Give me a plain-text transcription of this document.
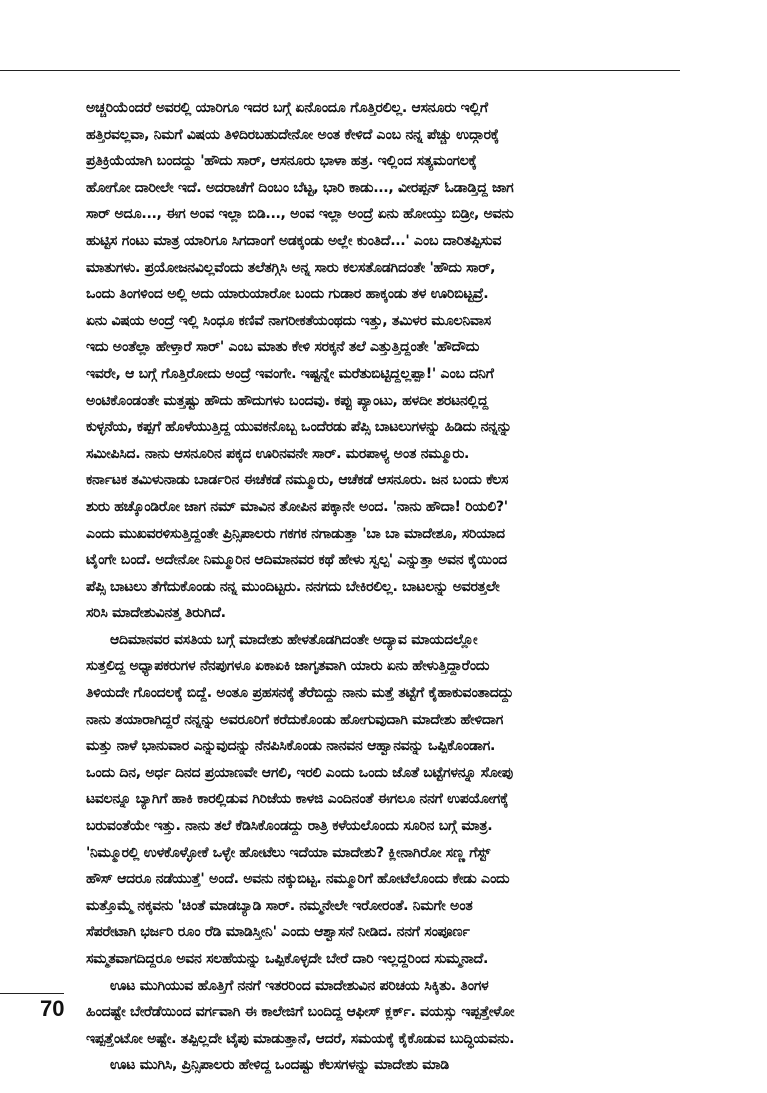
ಅಚ್ಚರಿಯೆಂದರೆ ಅವರಲ್ಲಿ ಯಾರಿಗೂ ಇದರ ಬಗ್ಗೆ ಏನೊಂದೂ ಗೊತ್ತಿರಲಿಲ್ಲ. ಆಸನೂರು ಇಲ್ಲಿಗೆ
ಹತ್ತಿರವಲ್ಲವಾ, ನಿಮಗೆ ವಿಷಯ ತಿಳಿದಿರಬಹುದೇನೋ ಅಂತ ಕೇಳಿದೆ ಎಂಬ ನನ್ನ ಪೆಚ್ಚು ಉದ್ಗಾರಕ್ಕೆ
ಪ್ರತಿಕ್ರಿಯೆಯಾಗಿ ಬಂದದ್ದು 'ಹೌದು ಸಾರ್, ಆಸನೂರು ಭಾಳಾ ಹತ್ರ. ಇಲ್ಲಿಂದ ಸತ್ಯಮಂಗಲಕ್ಕೆ
ಹೋಗೋ ದಾರೀಲೇ ಇದೆ. ಅದರಾಚೆಗೆ ದಿಂಬಂ ಬೆಟ್ಟ, ಭಾರಿ ಕಾಡು..., ವೀರಪ್ಪನ್ ಓಡಾಡ್ತಿದ್ದ ಜಾಗ
ಸಾರ್ ಅದೂ..., ಈಗ ಅಂವ ಇಲ್ಲಾ ಬಿಡಿ..., ಅಂವ ಇಲ್ಲಾ ಅಂದ್ರೆ ಏನು ಹೋಯ್ತು ಬಿಡ್ರೀ, ಅವನು
ಹುಟ್ಟಿಸ ಗಂಟು ಮಾತ್ರ ಯಾರಿಗೂ ಸಿಗದಾಂಗೆ ಅಡಕ್ಕಂಡು ಅಲ್ಲೇ ಕುಂತಿದೆ...' ಎಂಬ ದಾರಿತಪ್ಪಿಸುವ
ಮಾತುಗಳು. ಪ್ರಯೋಜನವಿಲ್ಲವೆಂದು ತಲೆತಗ್ಗಿಸಿ ಅನ್ನ ಸಾರು ಕಲಸತೊಡಗಿದಂತೇ 'ಹೌದು ಸಾರ್,
ಒಂದು ತಿಂಗಳಿಂದ ಅಲ್ಲಿ ಅದು ಯಾರುಯಾರೋ ಬಂದು ಗುಡಾರ ಹಾಕ್ಕಂಡು ತಳ ಊರಿಬಿಟ್ಟವ್ರೆ.
ಏನು ವಿಷಯ ಅಂದ್ರೆ ಇಲ್ಲಿ ಸಿಂಧೂ ಕಣಿವೆ ನಾಗರೀಕತೆಯಂಥದು ಇತ್ತು, ತಮಿಳರ ಮೂಲನಿವಾಸ
ಇದು ಅಂತೆಲ್ಲಾ ಹೇಳ್ತಾರೆ ಸಾರ್' ಎಂಬ ಮಾತು ಕೇಳಿ ಸರಕ್ಕನೆ ತಲೆ ಎತ್ತುತ್ತಿದ್ದಂತೇ 'ಹೌದೌದು
ಇವರೇ, ಆ ಬಗ್ಗೆ ಗೊತ್ತಿರೋದು ಅಂದ್ರೆ ಇವಂಗೇ. ಇಷ್ಟನ್ನೇ ಮರೆತುಬಿಟ್ಟಿದ್ದಲ್ಲಪ್ಪಾ!' ಎಂಬ ದನಿಗೆ
ಅಂಟಿಕೊಂಡಂತೇ ಮತ್ತಷ್ಟು ಹೌದು ಹೌದುಗಳು ಬಂದವು. ಕಪ್ಪು ಪ್ಯಾಂಟು, ಹಳದೀ ಶರಟನಲ್ಲಿದ್ದ
ಕುಳ್ಳನೆಯ, ಕಪ್ಪಗೆ ಹೊಳೆಯುತ್ತಿದ್ದ ಯುವಕನೊಬ್ಬ ಒಂದೆರಡು ಪೆಪ್ಸಿ ಬಾಟಲುಗಳನ್ನು ಹಿಡಿದು ನನ್ನನ್ನು
ಸಮೀಪಿಸಿದ. ನಾನು ಆಸನೂರಿನ ಪಕ್ಕದ ಊರಿನವನೇ ಸಾರ್. ಮರಪಾಳ್ಯ ಅಂತ ನಮ್ಮೂರು.
ಕರ್ನಾಟಕ ತಮಿಳುನಾಡು ಬಾರ್ಡರಿನ ಈಚೆಕಡೆ ನಮ್ಮೂರು, ಆಚೆಕಡೆ ಆಸನೂರು. ಜನ ಬಂದು ಕೆಲಸ
ಶುರು ಹಚ್ಕೊಂಡಿರೋ ಜಾಗ ನಮ್ ಮಾವಿನ ತೋಪಿನ ಪಕ್ಕಾನೇ ಅಂದ. 'ನಾನು ಹೌದಾ! ರಿಯಲಿ?'
ಎಂದು ಮುಖವರಳಿಸುತ್ತಿದ್ದಂತೇ ಪ್ರಿನ್ಸಿಪಾಲರು ಗಕಗಕ ನಗಾಡುತ್ತಾ 'ಬಾ ಬಾ ಮಾದೇಶೂ, ಸರಿಯಾದ
ಟೈಂಗೇ ಬಂದೆ. ಅದೇನೋ ನಿಮ್ಮೂರಿನ ಆದಿಮಾನವರ ಕಥೆ ಹೇಳು ಸ್ವಲ್ಪ' ಎನ್ನುತ್ತಾ ಅವನ ಕೈಯಿಂದ
ಪೆಪ್ಸಿ ಬಾಟಲು ತೆಗೆದುಕೊಂಡು ನನ್ನ ಮುಂದಿಟ್ಟರು. ನನಗದು ಬೇಕಿರಲಿಲ್ಲ. ಬಾಟಲನ್ನು ಅವರತ್ತಲೇ
ಸರಿಸಿ ಮಾದೇಶುವಿನತ್ತ ತಿರುಗಿದೆ.
ಆದಿಮಾನವರ ವಸತಿಯ ಬಗ್ಗೆ ಮಾದೇಶು ಹೇಳತೊಡಗಿದಂತೇ ಅದ್ಯಾವ ಮಾಯದಲ್ಲೋ
ಸುತ್ತಲಿದ್ದ ಅಧ್ಯಾಪಕರುಗಳ ನೆನಪುಗಳೂ ಏಕಾಏಕಿ ಜಾಗೃತವಾಗಿ ಯಾರು ಏನು ಹೇಳುತ್ತಿದ್ದಾರೆಂದು
ತಿಳಿಯದೇ ಗೊಂದಲಕ್ಕೆ ಬಿದ್ದೆ. ಅಂತೂ ಪ್ರಹಸನಕ್ಕೆ ತೆರೆಬಿದ್ದು ನಾನು ಮತ್ತೆ ತಟ್ಟೆಗೆ ಕೈಹಾಕುವಂತಾದದ್ದು
ನಾನು ತಯಾರಾಗಿದ್ದರೆ ನನ್ನನ್ನು ಅವರೂರಿಗೆ ಕರೆದುಕೊಂಡು ಹೋಗುವುದಾಗಿ ಮಾದೇಶು ಹೇಳಿದಾಗ
ಮತ್ತು ನಾಳೆ ಭಾನುವಾರ ಎನ್ನುವುದನ್ನು ನೆನಪಿಸಿಕೊಂಡು ನಾನವನ ಆಹ್ವಾನವನ್ನು ಒಪ್ಪಿಕೊಂಡಾಗ.
ಒಂದು ದಿನ, ಅರ್ಧ ದಿನದ ಪ್ರಯಾಣವೇ ಆಗಲಿ, ಇರಲಿ ಎಂದು ಒಂದು ಜೊತೆ ಬಟ್ಟೆಗಳನ್ನೂ ಸೋಪು
ಟವಲನ್ನೂ ಬ್ಯಾಗಿಗೆ ಹಾಕಿ ಕಾರಲ್ಲಿಡುವ ಗಿರಿಜೆಯ ಕಾಳಜಿ ಎಂದಿನಂತೆ ಈಗಲೂ ನನಗೆ ಉಪಯೋಗಕ್ಕೆ
ಬರುವಂತೆಯೇ ಇತ್ತು. ನಾನು ತಲೆ ಕೆಡಿಸಿಕೊಂಡದ್ದು ರಾತ್ರಿ ಕಳೆಯಲೊಂದು ಸೂರಿನ ಬಗ್ಗೆ ಮಾತ್ರ.
'ನಿಮ್ಮೂರಲ್ಲಿ ಉಳಕೊಳ್ಳೋಕೆ ಒಳ್ಳೇ ಹೋಟೆಲು ಇದೆಯಾ ಮಾದೇಶು? ಕ್ಲೀನಾಗಿರೋ ಸಣ್ಣ ಗೆಸ್ಟ್
ಹೌಸ್ ಆದರೂ ನಡೆಯುತ್ತೆ' ಅಂದೆ. ಅವನು ನಕ್ಕುಬಿಟ್ಟ. ನಮ್ಮೂರಿಗೆ ಹೋಟೆಲೊಂದು ಕೇಡು ಎಂದು
ಮತ್ತೊಮ್ಮೆ ನಕ್ಕವನು 'ಚಿಂತೆ ಮಾಡಬ್ಯಾಡಿ ಸಾರ್. ನಮ್ಮನೇಲೇ ಇರೋರಂತೆ. ನಿಮಗೇ ಅಂತ
ಸೆಪರೇಟಾಗಿ ಭರ್ಜರಿ ರೂಂ ರೆಡಿ ಮಾಡಿಸ್ತೀನಿ' ಎಂದು ಆಶ್ವಾಸನೆ ನೀಡಿದ. ನನಗೆ ಸಂಪೂರ್ಣ
ಸಮ್ಮತವಾಗದಿದ್ದರೂ ಅವನ ಸಲಹೆಯನ್ನು ಒಪ್ಪಿಕೊಳ್ಳದೇ ಬೇರೆ ದಾರಿ ಇಲ್ಲದ್ದರಿಂದ ಸುಮ್ಮನಾದೆ.
ಊಟ ಮುಗಿಯುವ ಹೊತ್ತಿಗೆ ನನಗೆ ಇತರರಿಂದ ಮಾದೇಶುವಿನ ಪರಿಚಯ ಸಿಕ್ಕಿತು. ತಿಂಗಳ
ಹಿಂದಷ್ಟೇ ಬೇರೆಡೆಯಿಂದ ವರ್ಗವಾಗಿ ಈ ಕಾಲೇಜಿಗೆ ಬಂದಿದ್ದ ಆಫೀಸ್ ಕ್ಲರ್ಕ್. ವಯಸ್ಸು ಇಪ್ಪತ್ತೇಳೋ
ಇಪ್ಪತ್ತೆಂಟೋ ಅಷ್ಟೇ. ತಪ್ಪಿಲ್ಲದೇ ಟೈಪು ಮಾಡುತ್ತಾನೆ, ಆದರೆ, ಸಮಯಕ್ಕೆ ಕೈಕೊಡುವ ಬುದ್ಧಿಯವನು.
ಊಟ ಮುಗಿಸಿ, ಪ್ರಿನ್ಸಿಪಾಲರು ಹೇಳಿದ್ದ ಒಂದಷ್ಟು ಕೆಲಸಗಳನ್ನು ಮಾದೇಶು ಮಾಡಿ
70
